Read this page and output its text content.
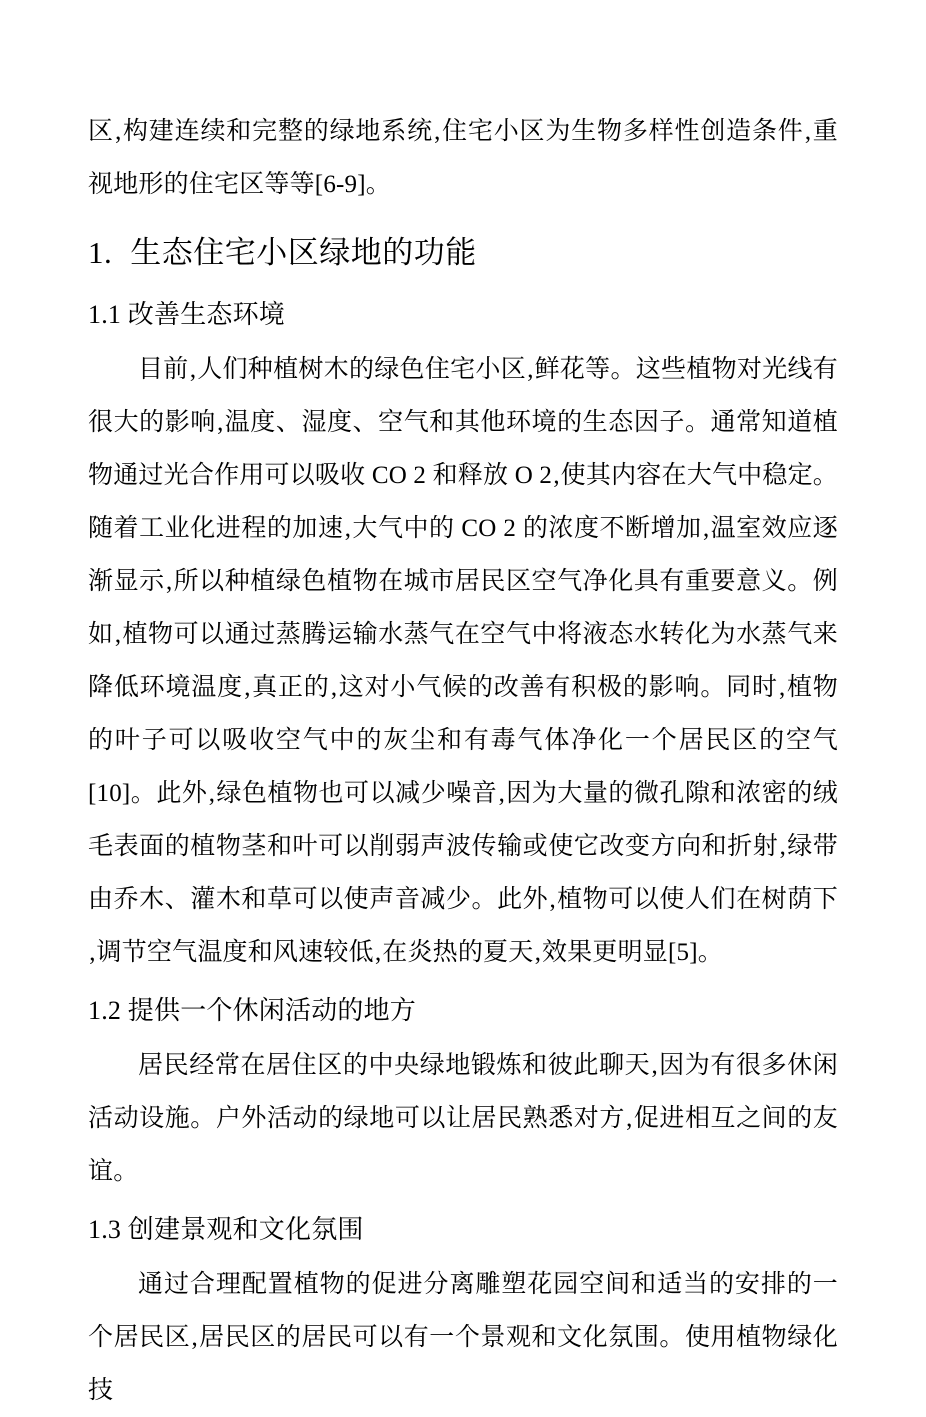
区‚构建连续和完整的绿地系统‚住宅小区为生物多样性创造条件‚重视地形的住宅区等等[6-9]。

1. 生态住宅小区绿地的功能
1.1 改善生态环境

目前‚人们种植树木的绿色住宅小区‚鲜花等。这些植物对光线有很大的影响‚温度、湿度、空气和其他环境的生态因子。通常知道植物通过光合作用可以吸收 CO 2 和释放 O 2‚使其内容在大气中稳定。随着工业化进程的加速‚大气中的 CO 2 的浓度不断增加‚温室效应逐渐显示‚所以种植绿色植物在城市居民区空气净化具有重要意义。例如‚植物可以通过蒸腾运输水蒸气在空气中将液态水转化为水蒸气来降低环境温度‚真正的‚这对小气候的改善有积极的影响。同时‚植物的叶子可以吸收空气中的灰尘和有毒气体净化一个居民区的空气[10]。此外‚绿色植物也可以减少噪音‚因为大量的微孔隙和浓密的绒毛表面的植物茎和叶可以削弱声波传输或使它改变方向和折射‚绿带由乔木、灌木和草可以使声音减少。此外‚植物可以使人们在树荫下‚调节空气温度和风速较低‚在炎热的夏天‚效果更明显[5]。

1.2 提供一个休闲活动的地方

居民经常在居住区的中央绿地锻炼和彼此聊天‚因为有很多休闲活动设施。户外活动的绿地可以让居民熟悉对方‚促进相互之间的友谊。

1.3 创建景观和文化氛围

通过合理配置植物的促进分离雕塑花园空间和适当的安排的一个居民区‚居民区的居民可以有一个景观和文化氛围。使用植物绿化技
